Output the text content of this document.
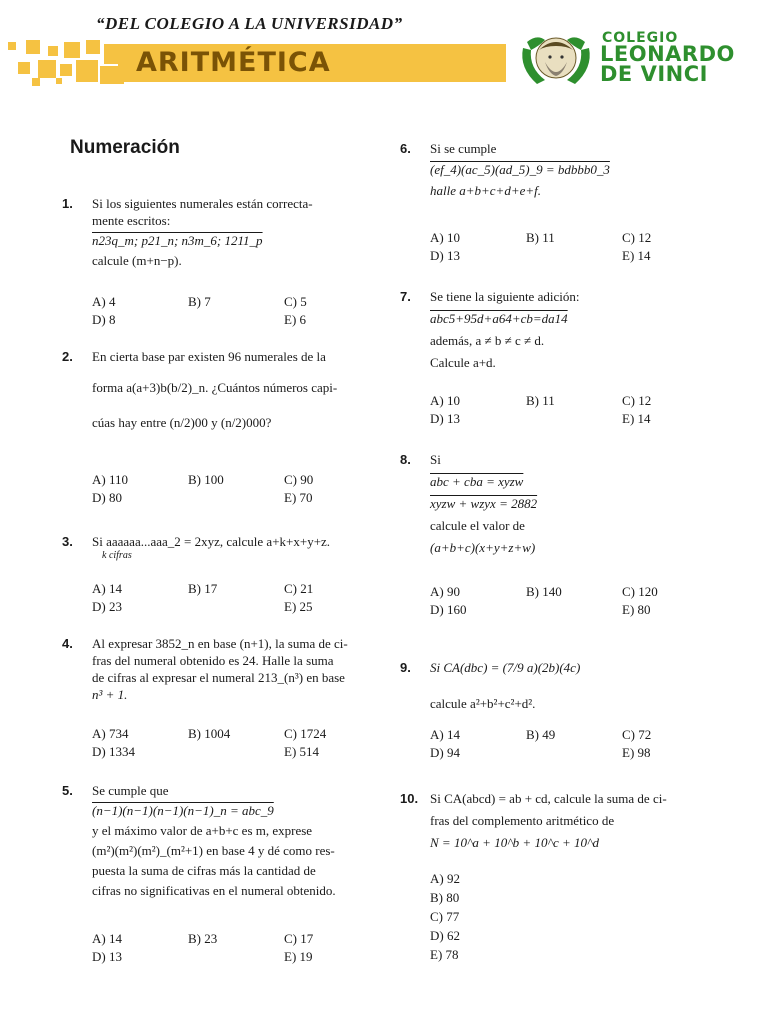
“DEL COLEGIO A LA UNIVERSIDAD”
ARITMÉTICA
COLEGIO
LEONARDO
DE VINCI
Numeración
1. Si los siguientes numerales están correcta-
mente escritos:
n23q_m; p21_n; n3m_6; 1211_p
calcule (m+n−p).
A) 4	B) 7	C) 5
D) 8	E) 6
2. En cierta base par existen 96 numerales de la
forma a(a+3)b(b/2)_n. ¿Cuántos números capi-
cúas hay entre (n/2)00 y (n/2)000?
A) 110	B) 100	C) 90
D) 80	E) 70
3. Si aaaaaa...aaa_2 = 2xyz, calcule a+k+x+y+z.
k cifras
A) 14	B) 17	C) 21
D) 23	E) 25
4. Al expresar 3852_n en base (n+1), la suma de ci-
fras del numeral obtenido es 24. Halle la suma
de cifras al expresar el numeral 213_(n³) en base
n³ + 1.
A) 734	B) 1004	C) 1724
D) 1334	E) 514
5. Se cumple que
(n−1)(n−1)(n−1)(n−1)_n = abc_9
y el máximo valor de a+b+c es m, exprese
(m²)(m²)(m²)_(m²+1) en base 4 y dé como res-
puesta la suma de cifras más la cantidad de
cifras no significativas en el numeral obtenido.
A) 14	B) 23	C) 17
D) 13	E) 19
6. Si se cumple
(ef_4)(ac_5)(ad_5)_9 = bdbbb0_3
halle a+b+c+d+e+f.
A) 10	B) 11	C) 12
D) 13	E) 14
7. Se tiene la siguiente adición:
abc5+95d+a64+cb=da14
además, a ≠ b ≠ c ≠ d.
Calcule a+d.
A) 10	B) 11	C) 12
D) 13	E) 14
8. Si
abc + cba = xyzw
xyzw + wzyx = 2882
calcule el valor de
(a+b+c)(x+y+z+w)
A) 90	B) 140	C) 120
D) 160	E) 80
9. Si CA(dbc) = (7/9 a)(2b)(4c)
calcule a²+b²+c²+d².
A) 14	B) 49	C) 72
D) 94	E) 98
10. Si CA(abcd) = ab + cd, calcule la suma de ci-
fras del complemento aritmético de
N = 10^a + 10^b + 10^c + 10^d
A) 92
B) 80
C) 77
D) 62
E) 78
